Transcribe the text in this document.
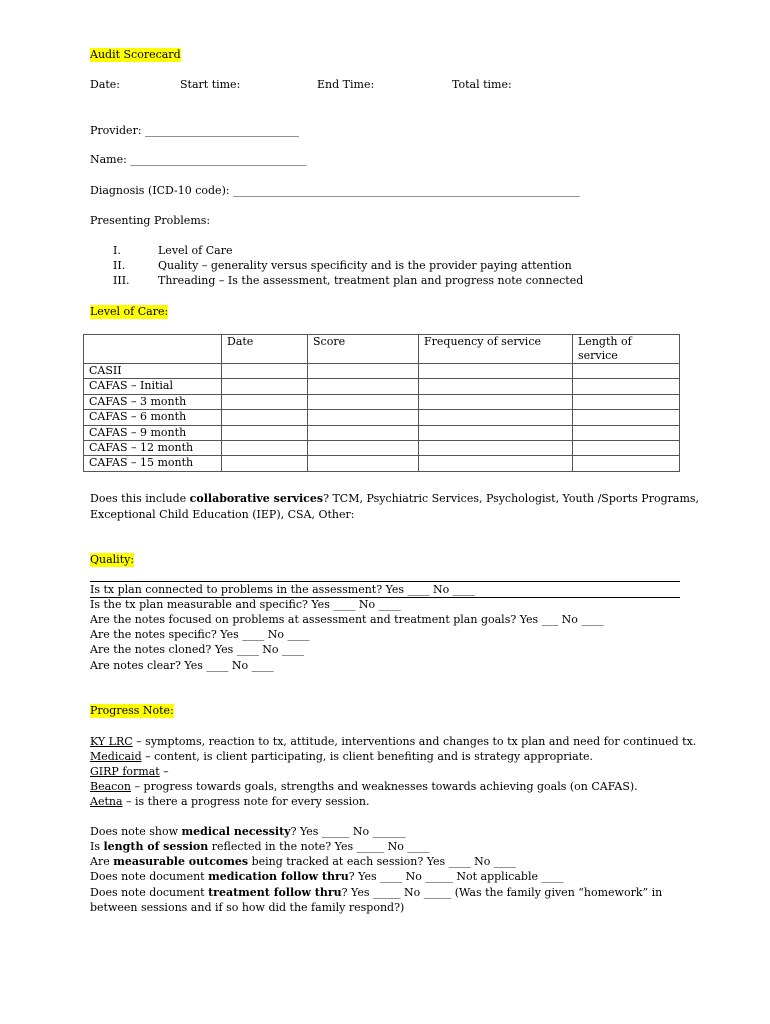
Audit Scorecard
Date:	Start time:	End Time:	Total time:
Provider: ____________________________
Name: ________________________________
Diagnosis (ICD-10 code): _______________________________________________________________
Presenting Problems:
I.	Level of Care
II.	Quality – generality versus specificity and is the provider paying attention
III.	Threading – Is the assessment, treatment plan and progress note connected
Level of Care:
	Date	Score	Frequency of service	Length of service
CASII				
CAFAS – Initial				
CAFAS – 3 month				
CAFAS – 6 month				
CAFAS – 9 month				
CAFAS – 12 month				
CAFAS – 15 month				
Does this include collaborative services? TCM, Psychiatric Services, Psychologist, Youth /Sports Programs,
Exceptional Child Education (IEP), CSA, Other:
Quality:
Is tx plan connected to problems in the assessment? Yes ____ No ____
Is the tx plan measurable and specific? Yes ____ No ____
Are the notes focused on problems at assessment and treatment plan goals? Yes ___ No ____
Are the notes specific? Yes ____ No ____
Are the notes cloned? Yes ____ No ____
Are notes clear? Yes ____ No ____
Progress Note:
KY LRC – symptoms, reaction to tx, attitude, interventions and changes to tx plan and need for continued tx.
Medicaid – content, is client participating, is client benefiting and is strategy appropriate.
GIRP format –
Beacon – progress towards goals, strengths and weaknesses towards achieving goals (on CAFAS).
Aetna – is there a progress note for every session.
Does note show medical necessity? Yes _____ No ______
Is length of session reflected in the note? Yes _____ No ____
Are measurable outcomes being tracked at each session? Yes ____ No ____
Does note document medication follow thru? Yes ____ No _____ Not applicable ____
Does note document treatment follow thru? Yes _____ No _____ (Was the family given “homework” in
between sessions and if so how did the family respond?)
